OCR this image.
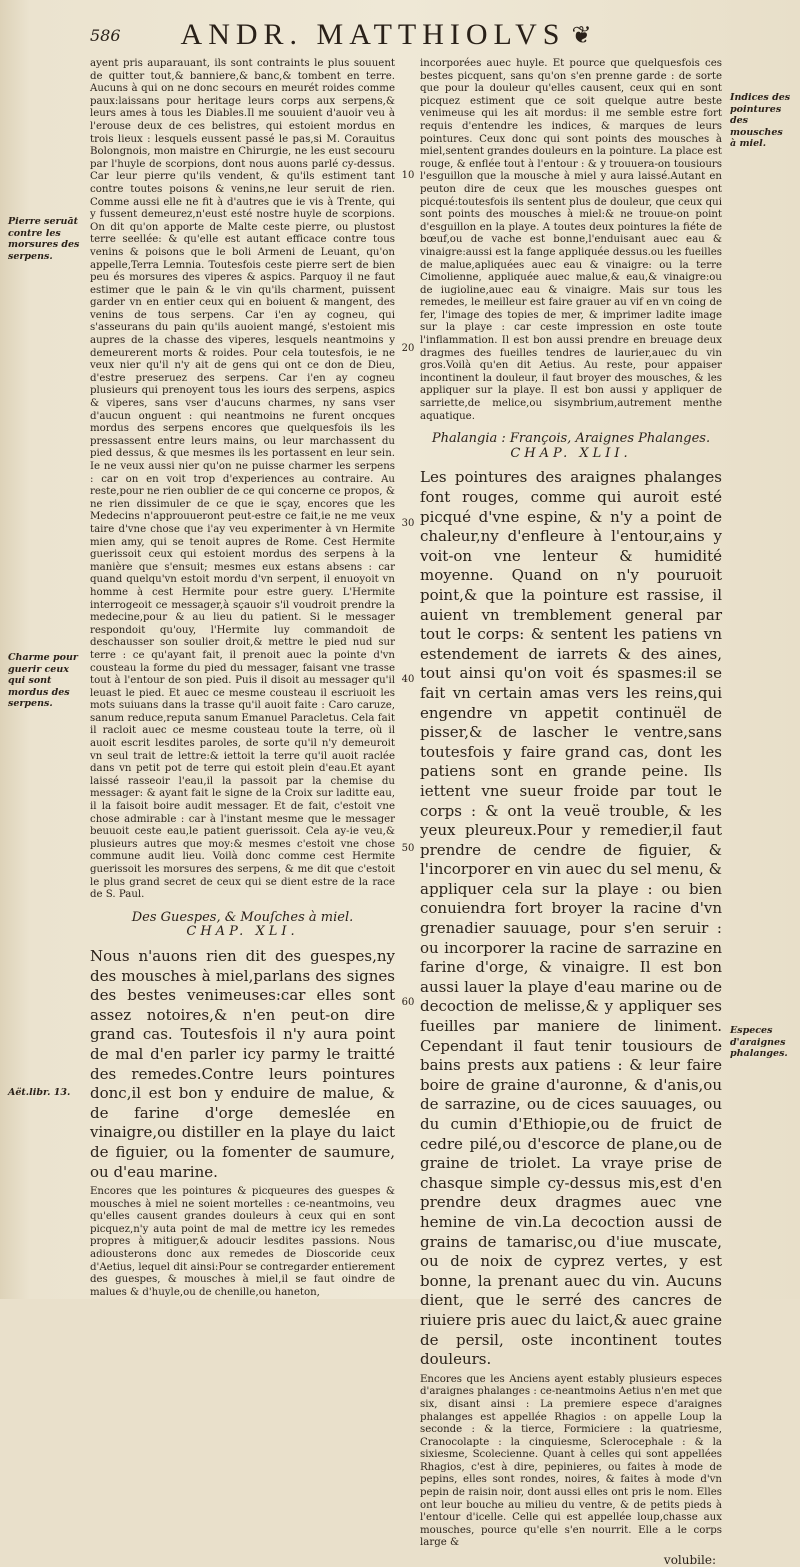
586 ANDR. MATTHIOLVS ❦
Pierre seruāt contre les morsures des serpens.
Charme pour guerir ceux qui sont mordus des serpens.
Aët.libr. 13.
Indices des pointures des mousches à miel.
Especes d'araignes phalanges.
10
20
30
40
50
60

ayent pris auparauant, ils sont contraints le plus souuent de quitter tout,& banniere,& banc,& tombent en terre. Aucuns à qui on ne donc secours en meurét roides comme paux:laissans pour heritage leurs corps aux serpens,& leurs ames à tous les Diables.Il me souuient d'auoir veu à l'erouse deux de ces belistres, qui estoient mordus en trois lieux : lesquels eussent passé le pas,si M. Corauitus Bolongnois, mon maistre en Chirurgie, ne les eust secouru par l'huyle de scorpions, dont nous auons parlé cy-dessus. Car leur pierre qu'ils vendent, & qu'ils estiment tant contre toutes poisons & venins,ne leur seruit de rien. Comme aussi elle ne fit à d'autres que ie vis à Trente, qui y fussent demeurez,n'eust esté nostre huyle de scorpions. On dit qu'on apporte de Malte ceste pierre, ou plustost terre seellée: & qu'elle est autant efficace contre tous venins & poisons que le boli Armeni de Leuant, qu'on appelle,Terra Lemnia. Toutesfois ceste pierre sert de bien peu és morsures des viperes & aspics. Parquoy il ne faut estimer que le pain & le vin qu'ils charment, puissent garder vn en entier ceux qui en boiuent & mangent, des venins de tous serpens. Car i'en ay cogneu, qui s'asseurans du pain qu'ils auoient mangé, s'estoient mis aupres de la chasse des viperes, lesquels neantmoins y demeurerent morts & roides. Pour cela toutesfois, ie ne veux nier qu'il n'y ait de gens qui ont ce don de Dieu, d'estre preseruez des serpens. Car i'en ay cogneu plusieurs qui prenoyent tous les iours des serpens, aspics & viperes, sans vser d'aucuns charmes, ny sans vser d'aucun onguent : qui neantmoins ne furent oncques mordus des serpens encores que quelquesfois ils les pressassent entre leurs mains, ou leur marchassent du pied dessus, & que mesmes ils les portassent en leur sein. Ie ne veux aussi nier qu'on ne puisse charmer les serpens : car on en voit trop d'experiences au contraire. Au reste,pour ne rien oublier de ce qui concerne ce propos, & ne rien dissimuler de ce que ie sçay, encores que les Medecins n'approuueront peut-estre ce fait,ie ne me veux taire d'vne chose que i'ay veu experimenter à vn Hermite mien amy, qui se tenoit aupres de Rome. Cest Hermite guerissoit ceux qui estoient mordus des serpens à la manière que s'ensuit; mesmes eux estans absens : car quand quelqu'vn estoit mordu d'vn serpent, il enuoyoit vn homme à cest Hermite pour estre guery. L'Hermite interrogeoit ce messager,à sçauoir s'il voudroit prendre la medecine,pour & au lieu du patient. Si le messager respondoit qu'ouy, l'Hermite luy commandoit de deschausser son soulier droit,& mettre le pied nud sur terre : ce qu'ayant fait, il prenoit auec la pointe d'vn cousteau la forme du pied du messager, faisant vne trasse tout à l'entour de son pied. Puis il disoit au messager qu'il leuast le pied. Et auec ce mesme cousteau il escriuoit les mots suiuans dans la trasse qu'il auoit faite : Caro caruze, sanum reduce,reputa sanum Emanuel Paracletus. Cela fait il racloit auec ce mesme cousteau toute la terre, où il auoit escrit lesdites paroles, de sorte qu'il n'y demeuroit vn seul trait de lettre:& iettoit la terre qu'il auoit raclée dans vn petit pot de terre qui estoit plein d'eau.Et ayant laissé rasseoir l'eau,il la passoit par la chemise du messager: & ayant fait le signe de la Croix sur laditte eau, il la faisoit boire audit messager. Et de fait, c'estoit vne chose admirable : car à l'instant mesme que le messager beuuoit ceste eau,le patient guerissoit. Cela ay-ie veu,& plusieurs autres que moy:& mesmes c'estoit vne chose commune audit lieu. Voilà donc comme cest Hermite guerissoit les morsures des serpens, & me dit que c'estoit le plus grand secret de ceux qui se dient estre de la race de S. Paul.

Des Guespes, & Mouſches à miel.
CHAP. XLI.

Nous n'auons rien dit des guespes,ny des mousches à miel,parlans des signes des bestes venimeuses:car elles sont assez notoires,& n'en peut-on dire grand cas. Toutesfois il n'y aura point de mal d'en parler icy parmy le traitté des remedes.Contre leurs pointures donc,il est bon y enduire de malue, & de farine d'orge demeslée en vinaigre,ou distiller en la playe du laict de figuier, ou la fomenter de saumure, ou d'eau marine.

Encores que les pointures & picqueures des guespes & mousches à miel ne soient mortelles : ce-neantmoins, veu qu'elles causent grandes douleurs à ceux qui en sont picquez,n'y auta point de mal de mettre icy les remedes propres à mitiguer,& adoucir lesdites passions. Nous adiousterons donc aux remedes de Dioscoride ceux d'Aetius, lequel dit ainsi:Pour se contregarder entierement des guespes, & mousches à miel,il se faut oindre de malues & d'huyle,ou de chenille,ou haneton,

incorporées auec huyle. Et pource que quelquesfois ces bestes picquent, sans qu'on s'en prenne garde : de sorte que pour la douleur qu'elles causent, ceux qui en sont picquez estiment que ce soit quelque autre beste venimeuse qui les ait mordus: il me semble estre fort requis d'entendre les indices, & marques de leurs pointures. Ceux donc qui sont points des mousches à miel,sentent grandes douleurs en la pointure. La place est rouge, & enflée tout à l'entour : & y trouuera-on tousiours l'esguillon que la mousche à miel y aura laissé.Autant en peuton dire de ceux que les mousches guespes ont picqué:toutesfois ils sentent plus de douleur, que ceux qui sont points des mousches à miel:& ne trouue-on point d'esguillon en la playe. A toutes deux pointures la fiéte de bœuf,ou de vache est bonne,l'enduisant auec eau & vinaigre:aussi est la fange appliquée dessus.ou les fueilles de malue,apliquées auec eau & vinaigre: ou la terre Cimolienne, appliquée auec malue,& eau,& vinaigre:ou de iugioline,auec eau & vinaigre. Mais sur tous les remedes, le meilleur est faire grauer au vif en vn coing de fer, l'image des topies de mer, & imprimer ladite image sur la playe : car ceste impression en oste toute l'inflammation. Il est bon aussi prendre en breuage deux dragmes des fueilles tendres de laurier,auec du vin gros.Voilà qu'en dit Aetius. Au reste, pour appaiser incontinent la douleur, il faut broyer des mousches, & les appliquer sur la playe. Il est bon aussi y appliquer de sarriette,de melice,ou sisymbrium,autrement menthe aquatique.

Phalangia : François, Araignes Phalanges.
CHAP. XLII.

Les pointures des araignes phalanges font rouges, comme qui auroit esté picqué d'vne espine, & n'y a point de chaleur,ny d'enfleure à l'entour,ains y voit-on vne lenteur & humidité moyenne. Quand on n'y pouruoit point,& que la pointure est rassise, il auient vn tremblement general par tout le corps: & sentent les patiens vn estendement de iarrets & des aines, tout ainsi qu'on voit és spasmes:il se fait vn certain amas vers les reins,qui engendre vn appetit continuël de pisser,& de lascher le ventre,sans toutesfois y faire grand cas, dont les patiens sont en grande peine. Ils iettent vne sueur froide par tout le corps : & ont la veuë trouble, & les yeux pleureux.Pour y remedier,il faut prendre de cendre de figuier, & l'incorporer en vin auec du sel menu, & appliquer cela sur la playe : ou bien conuiendra fort broyer la racine d'vn grenadier sauuage, pour s'en seruir : ou incorporer la racine de sarrazine en farine d'orge, & vinaigre. Il est bon aussi lauer la playe d'eau marine ou de decoction de melisse,& y appliquer ses fueilles par maniere de liniment. Cependant il faut tenir tousiours de bains prests aux patiens : & leur faire boire de graine d'auronne, & d'anis,ou de sarrazine, ou de cices sauuages, ou du cumin d'Ethiopie,ou de fruict de cedre pilé,ou d'escorce de plane,ou de graine de triolet. La vraye prise de chasque simple cy-dessus mis,est d'en prendre deux dragmes auec vne hemine de vin.La decoction aussi de grains de tamarisc,ou d'iue muscate, ou de noix de cyprez vertes, y est bonne, la prenant auec du vin. Aucuns dient, que le serré des cancres de riuiere pris auec du laict,& auec graine de persil, oste incontinent toutes douleurs.

Encores que les Anciens ayent estably plusieurs especes d'araignes phalanges : ce-neantmoins Aetius n'en met que six, disant ainsi : La premiere espece d'araignes phalanges est appellée Rhagios : on appelle Loup la seconde : & la tierce, Formiciere : la quatriesme, Cranocolapte : la cinquiesme, Sclerocephale : & la sixiesme, Scolecienne. Quant à celles qui sont appellées Rhagios, c'est à dire, pepinieres, ou faites à mode de pepins, elles sont rondes, noires, & faites à mode d'vn pepin de raisin noir, dont aussi elles ont pris le nom. Elles ont leur bouche au milieu du ventre, & de petits pieds à l'entour d'icelle. Celle qui est appellée loup,chasse aux mousches, pource qu'elle s'en nourrit. Elle a le corps large &

volubile:
